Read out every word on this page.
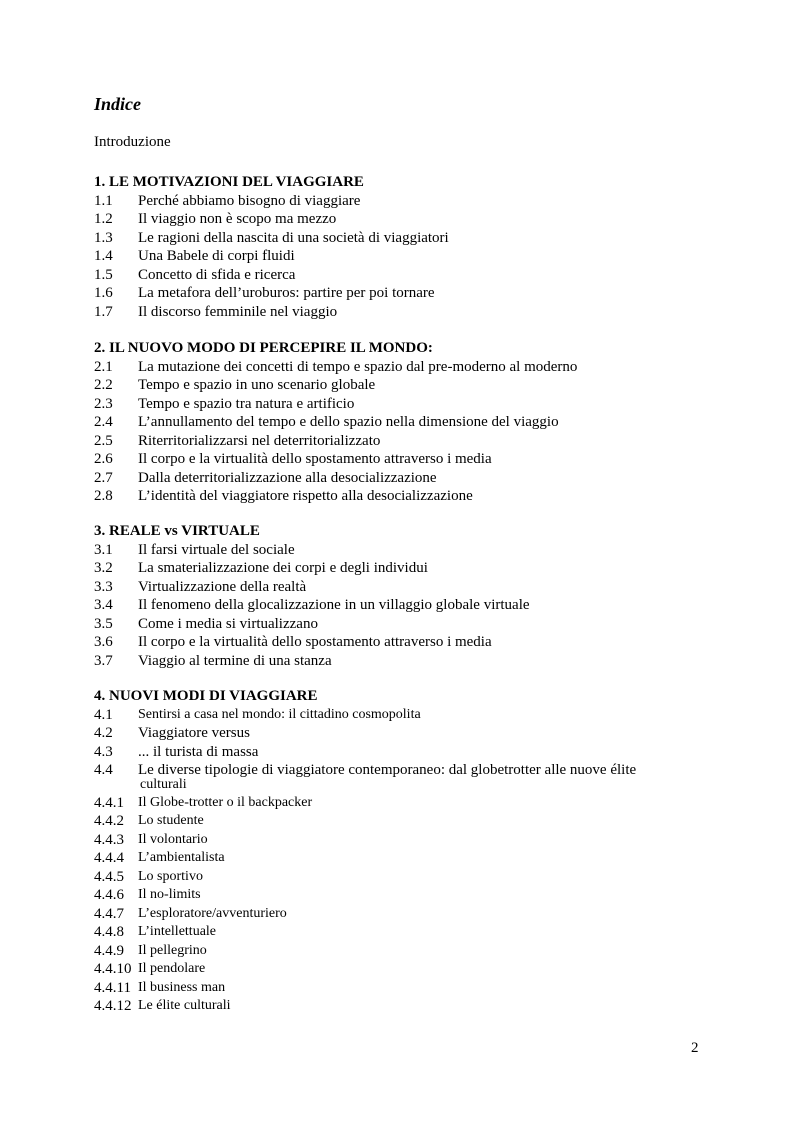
Indice
Introduzione
1. LE MOTIVAZIONI DEL VIAGGIARE
1.1	Perché abbiamo bisogno di viaggiare
1.2	Il viaggio non è scopo ma mezzo
1.3	Le ragioni della nascita di una società di viaggiatori
1.4	Una Babele di corpi fluidi
1.5	Concetto di sfida e ricerca
1.6	La metafora dell’uroburos: partire per poi tornare
1.7	Il discorso femminile nel viaggio
2. IL NUOVO MODO DI PERCEPIRE IL MONDO:
2.1	La mutazione dei concetti di tempo e spazio dal pre-moderno al moderno
2.2	Tempo e spazio in uno scenario globale
2.3	Tempo e spazio tra natura e artificio
2.4	L’annullamento del tempo e dello spazio nella dimensione del viaggio
2.5	Riterritorializzarsi nel deterritorializzato
2.6	Il corpo e la virtualità dello spostamento attraverso i media
2.7	Dalla deterritorializzazione alla desocializzazione
2.8	L’identità del viaggiatore rispetto alla desocializzazione
3. REALE vs VIRTUALE
3.1	Il farsi virtuale del sociale
3.2	La smaterializzazione dei corpi e degli individui
3.3	Virtualizzazione della realtà
3.4	Il fenomeno della glocalizzazione in un villaggio globale virtuale
3.5	Come i media si virtualizzano
3.6	Il corpo e la virtualità dello spostamento attraverso i media
3.7	Viaggio al termine di una stanza
4. NUOVI MODI DI VIAGGIARE
4.1	Sentirsi a casa nel mondo: il cittadino cosmopolita
4.2	Viaggiatore versus
4.3	... il turista di massa
4.4	Le diverse tipologie di viaggiatore contemporaneo: dal globetrotter alle nuove élite
culturali
4.4.1	Il Globe-trotter o il backpacker
4.4.2	Lo studente
4.4.3	Il volontario
4.4.4	L’ambientalista
4.4.5	Lo sportivo
4.4.6	Il no-limits
4.4.7	L’esploratore/avventuriero
4.4.8	L’intellettuale
4.4.9	Il pellegrino
4.4.10 Il pendolare
4.4.11 Il business man
4.4.12 Le élite culturali
2
